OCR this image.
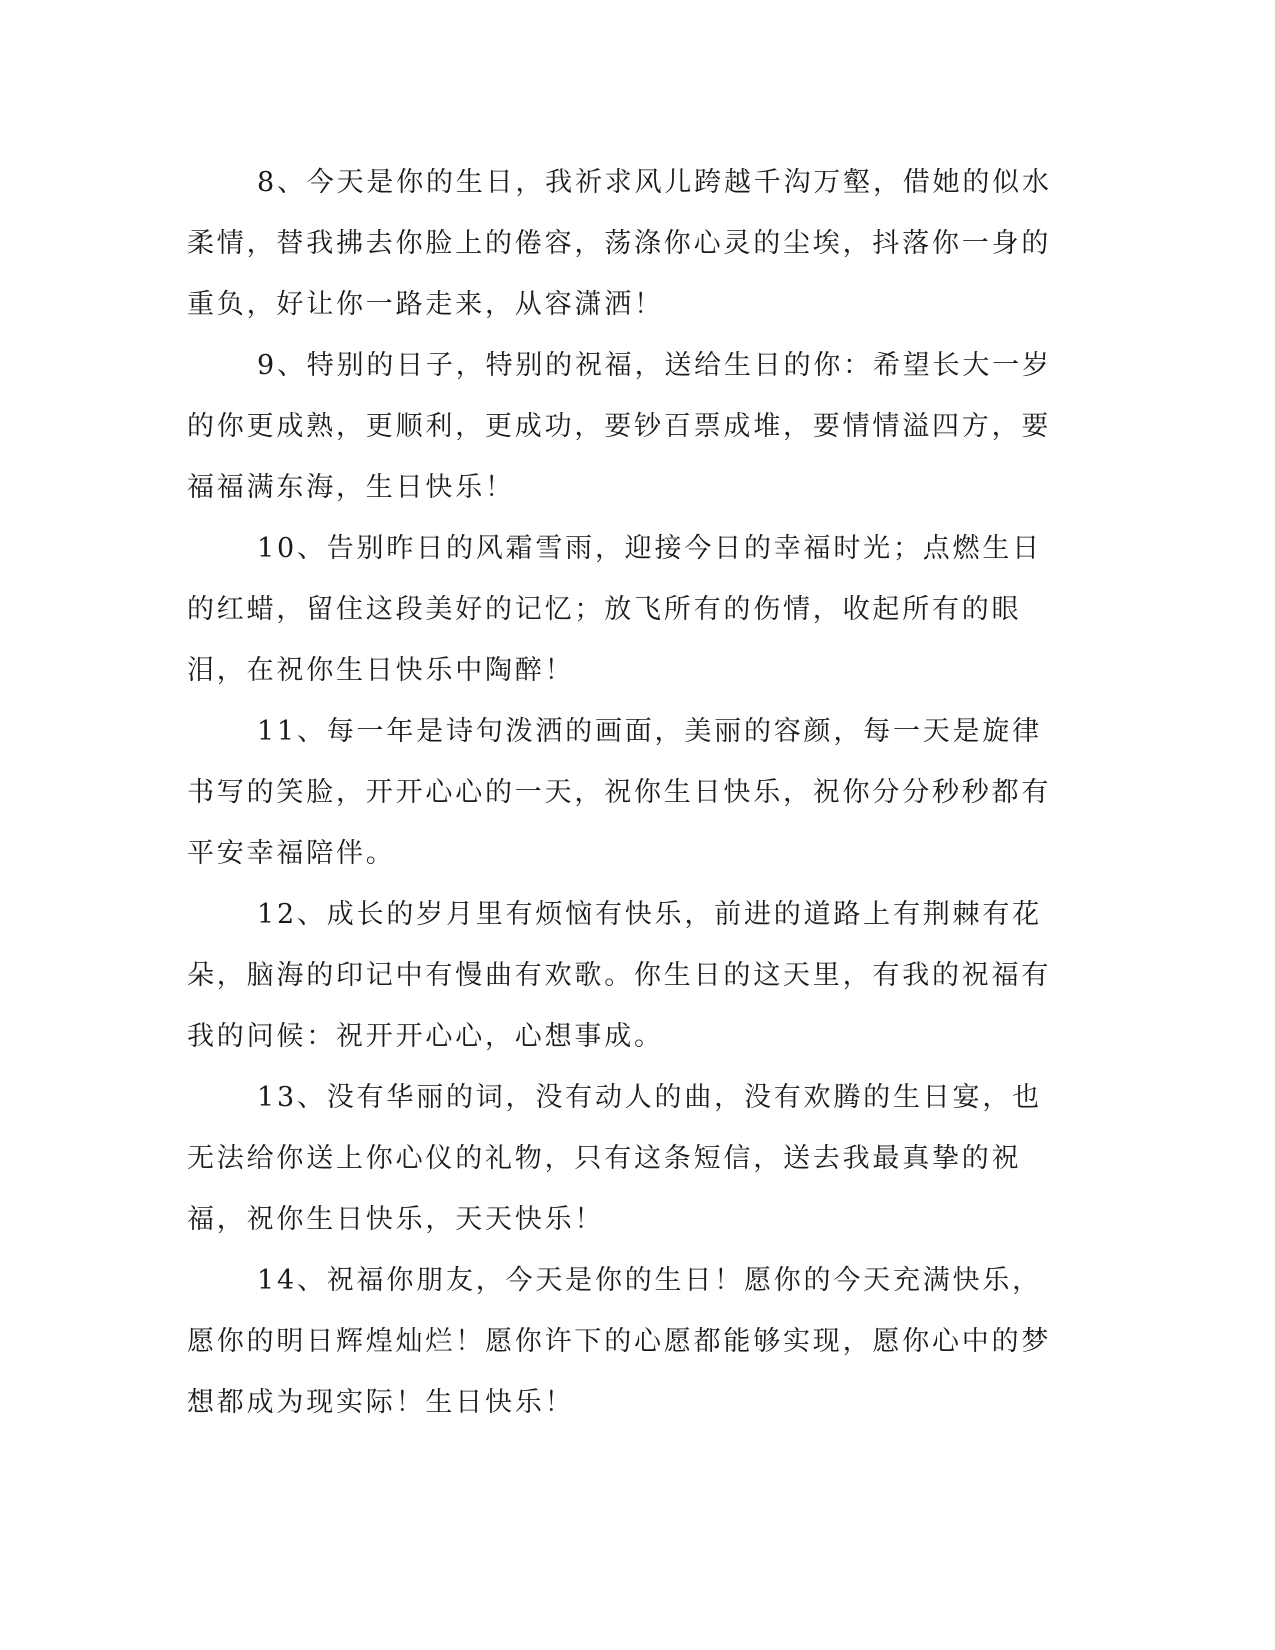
8、今天是你的生日，我祈求风儿跨越千沟万壑，借她的似水柔情，替我拂去你脸上的倦容，荡涤你心灵的尘埃，抖落你一身的重负，好让你一路走来，从容潇洒！

9、特别的日子，特别的祝福，送给生日的你：希望长大一岁的你更成熟，更顺利，更成功，要钞百票成堆，要情情溢四方，要福福满东海，生日快乐！

10、告别昨日的风霜雪雨，迎接今日的幸福时光；点燃生日的红蜡，留住这段美好的记忆；放飞所有的伤情，收起所有的眼泪，在祝你生日快乐中陶醉！

11、每一年是诗句泼洒的画面，美丽的容颜，每一天是旋律书写的笑脸，开开心心的一天，祝你生日快乐，祝你分分秒秒都有平安幸福陪伴。

12、成长的岁月里有烦恼有快乐，前进的道路上有荆棘有花朵，脑海的印记中有慢曲有欢歌。你生日的这天里，有我的祝福有我的问候：祝开开心心，心想事成。

13、没有华丽的词，没有动人的曲，没有欢腾的生日宴，也无法给你送上你心仪的礼物，只有这条短信，送去我最真挚的祝福，祝你生日快乐，天天快乐！

14、祝福你朋友，今天是你的生日！愿你的今天充满快乐，愿你的明日辉煌灿烂！愿你许下的心愿都能够实现，愿你心中的梦想都成为现实际！生日快乐！
